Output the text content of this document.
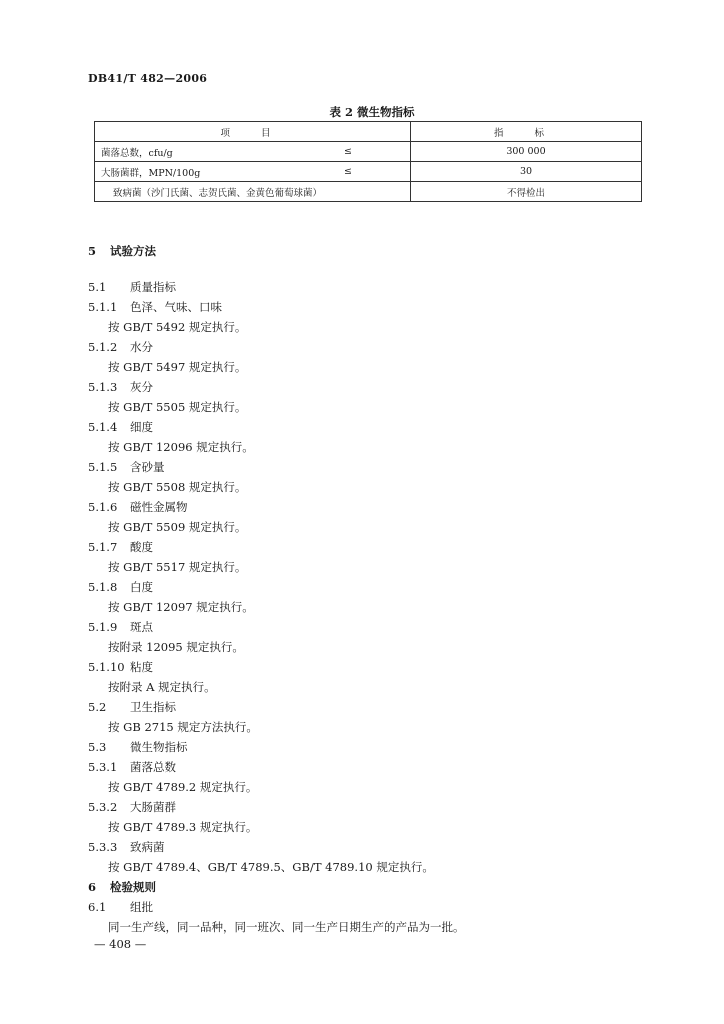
DB41/T 482—2006
表 2 微生物指标
项 目		指 标
菌落总数，cfu/g	≤	300 000
大肠菌群，MPN/100g	≤	30
致病菌（沙门氏菌、志贺氏菌、金黄色葡萄球菌）		不得检出
5 试验方法
5.1 质量指标
5.1.1 色泽、气味、口味
按 GB/T 5492 规定执行。
5.1.2 水分
按 GB/T 5497 规定执行。
5.1.3 灰分
按 GB/T 5505 规定执行。
5.1.4 细度
按 GB/T 12096 规定执行。
5.1.5 含砂量
按 GB/T 5508 规定执行。
5.1.6 磁性金属物
按 GB/T 5509 规定执行。
5.1.7 酸度
按 GB/T 5517 规定执行。
5.1.8 白度
按 GB/T 12097 规定执行。
5.1.9 斑点
按附录 12095 规定执行。
5.1.10 粘度
按附录 A 规定执行。
5.2 卫生指标
按 GB 2715 规定方法执行。
5.3 微生物指标
5.3.1 菌落总数
按 GB/T 4789.2 规定执行。
5.3.2 大肠菌群
按 GB/T 4789.3 规定执行。
5.3.3 致病菌
按 GB/T 4789.4、GB/T 4789.5、GB/T 4789.10 规定执行。
6 检验规则
6.1 组批
同一生产线，同一品种，同一班次、同一生产日期生产的产品为一批。
— 408 —
